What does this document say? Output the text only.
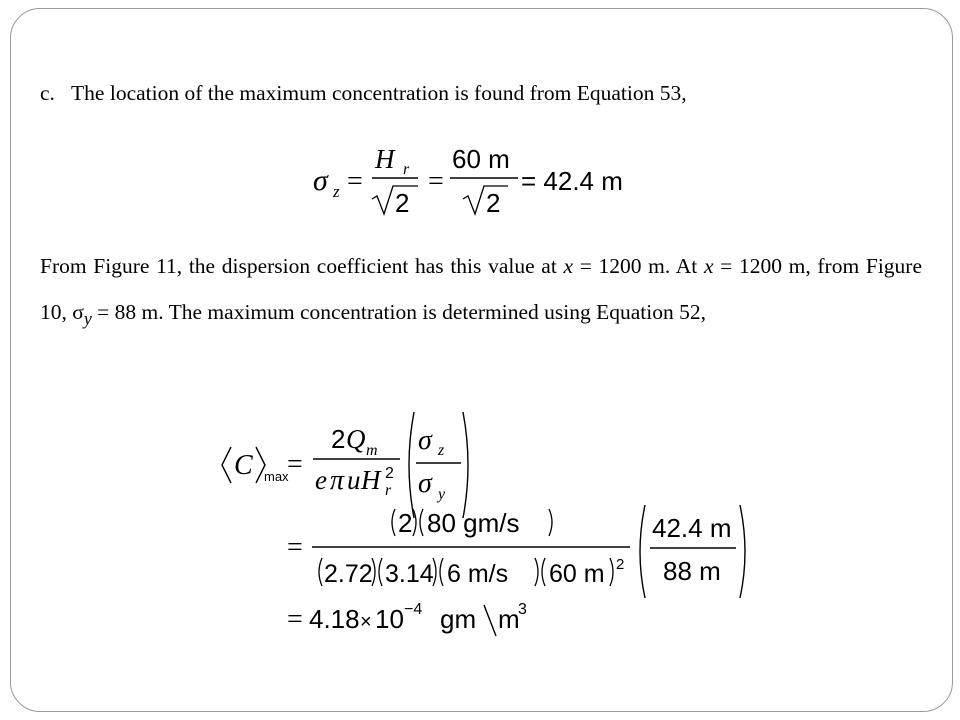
c. The location of the maximum concentration is found from Equation 53,

From Figure 11, the dispersion coefficient has this value at x = 1200 m. At x = 1200 m, from Figure 10, $\sigma_y = 88$ m. The maximum concentration is determined using Equation 52,

σ z =
H r
2
=
60 m
2
= 42.4 m
C max
=
2 Q m
e π u H 2
r
σ z
σ y
=
2 80 gm/s
2.72 3.14 6 m/s 60 m 2
42.4 m
88 m
= 4.18 × 10 −4 gm m
3
